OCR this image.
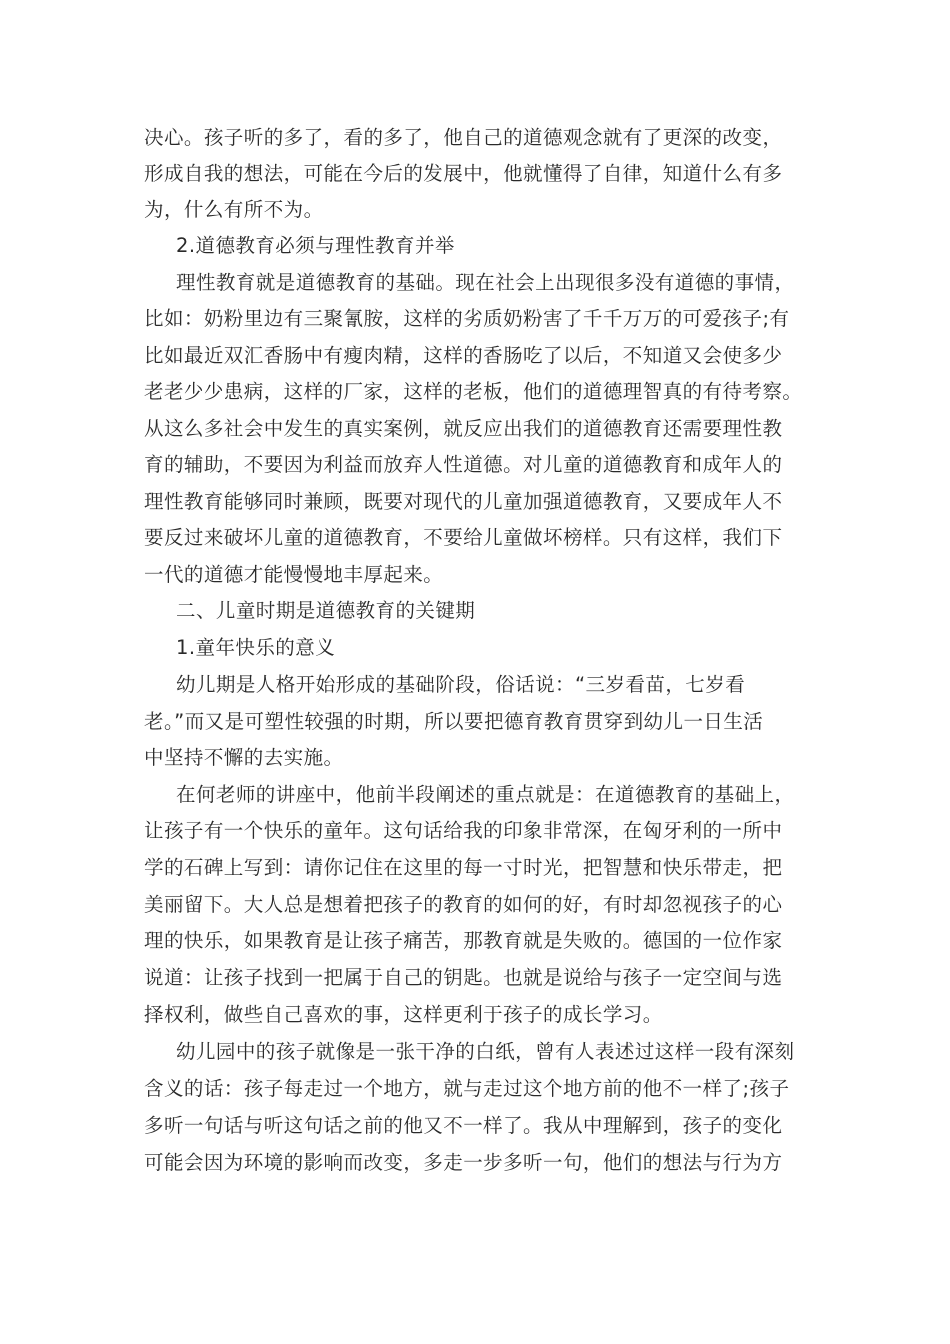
决心。孩子听的多了，看的多了，他自己的道德观念就有了更深的改变，

形成自我的想法，可能在今后的发展中，他就懂得了自律，知道什么有多

为，什么有所不为。

2.道德教育必须与理性教育并举

理性教育就是道德教育的基础。现在社会上出现很多没有道德的事情，

比如：奶粉里边有三聚氰胺，这样的劣质奶粉害了千千万万的可爱孩子;有

比如最近双汇香肠中有瘦肉精，这样的香肠吃了以后，不知道又会使多少

老老少少患病，这样的厂家，这样的老板，他们的道德理智真的有待考察。

从这么多社会中发生的真实案例，就反应出我们的道德教育还需要理性教

育的辅助，不要因为利益而放弃人性道德。对儿童的道德教育和成年人的

理性教育能够同时兼顾，既要对现代的儿童加强道德教育，又要成年人不

要反过来破坏儿童的道德教育，不要给儿童做坏榜样。只有这样，我们下

一代的道德才能慢慢地丰厚起来。

二、儿童时期是道德教育的关键期

1.童年快乐的意义

幼儿期是人格开始形成的基础阶段，俗话说：“三岁看苗，七岁看

老。”而又是可塑性较强的时期，所以要把德育教育贯穿到幼儿一日生活

中坚持不懈的去实施。

在何老师的讲座中，他前半段阐述的重点就是：在道德教育的基础上，

让孩子有一个快乐的童年。这句话给我的印象非常深，在匈牙利的一所中

学的石碑上写到：请你记住在这里的每一寸时光，把智慧和快乐带走，把

美丽留下。大人总是想着把孩子的教育的如何的好，有时却忽视孩子的心

理的快乐，如果教育是让孩子痛苦，那教育就是失败的。德国的一位作家

说道：让孩子找到一把属于自己的钥匙。也就是说给与孩子一定空间与选

择权利，做些自己喜欢的事，这样更利于孩子的成长学习。

幼儿园中的孩子就像是一张干净的白纸，曾有人表述过这样一段有深刻

含义的话：孩子每走过一个地方，就与走过这个地方前的他不一样了;孩子

多听一句话与听这句话之前的他又不一样了。我从中理解到，孩子的变化

可能会因为环境的影响而改变，多走一步多听一句，他们的想法与行为方
